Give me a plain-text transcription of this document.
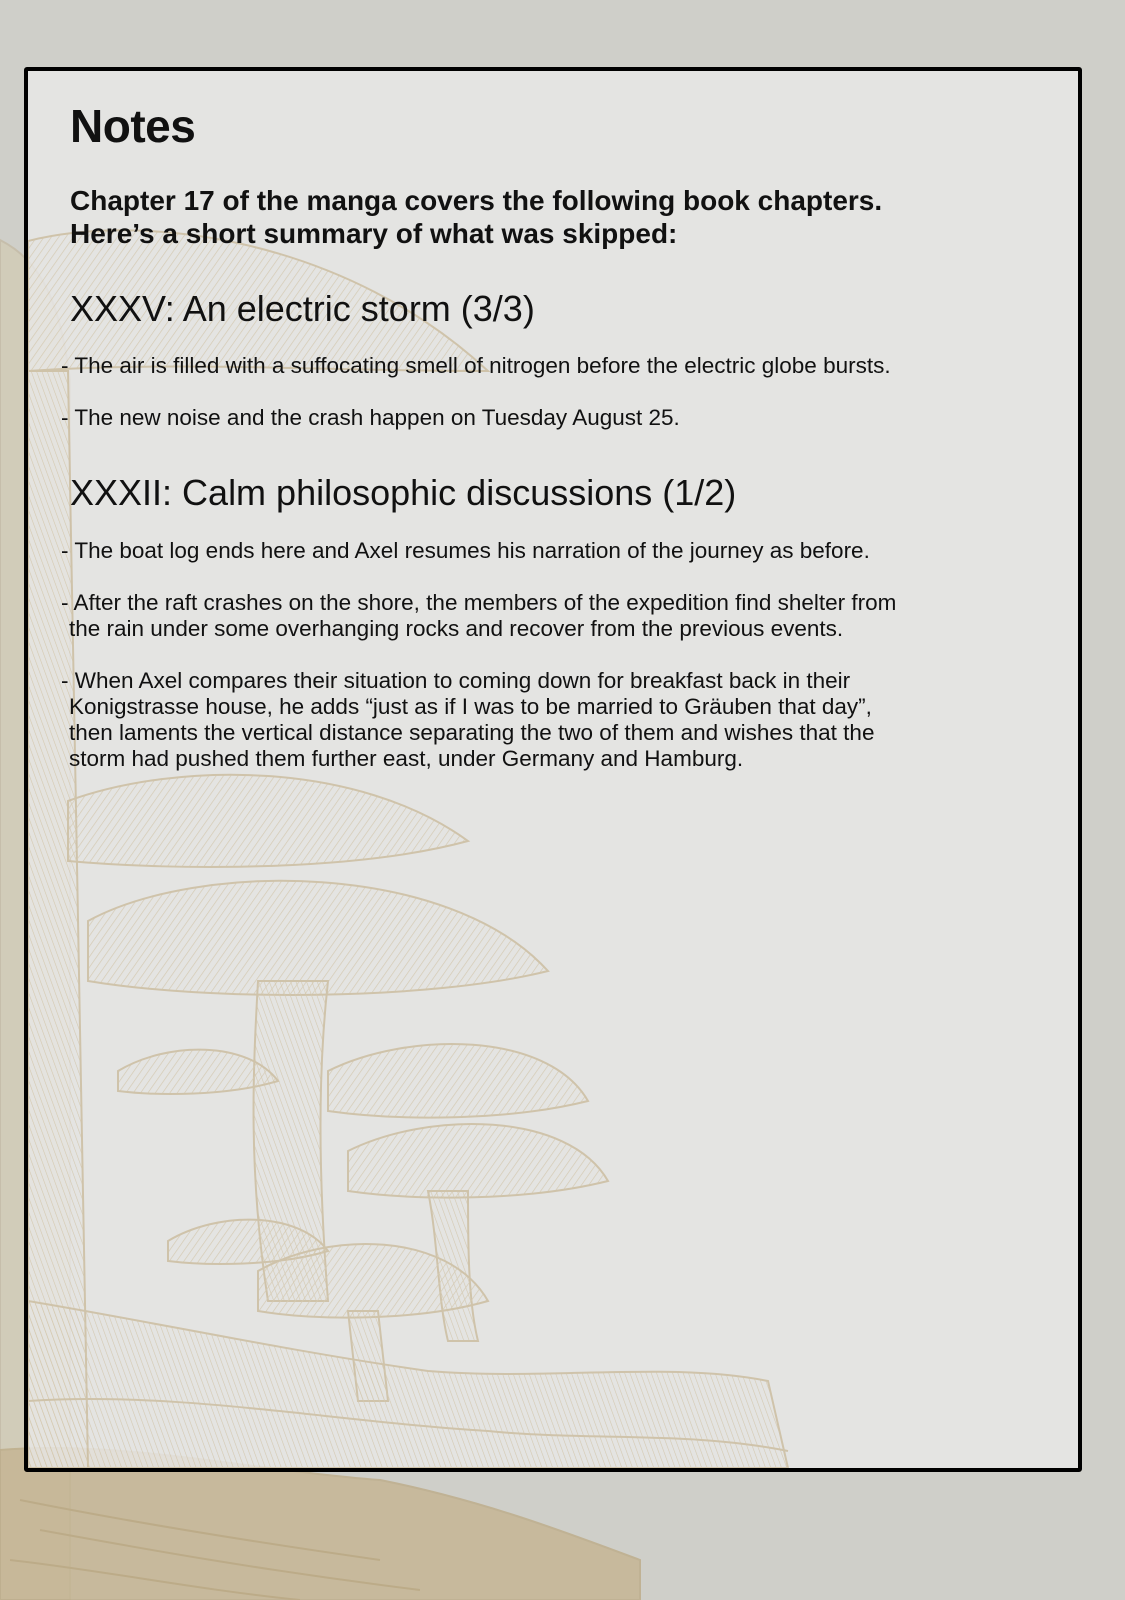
Notes

Chapter 17 of the manga covers the following book chapters.
Here’s a short summary of what was skipped:

XXXV: An electric storm (3/3)

- The air is filled with a suffocating smell of nitrogen before the electric globe bursts.

- The new noise and the crash happen on Tuesday August 25.

XXXII: Calm philosophic discussions (1/2)

- The boat log ends here and Axel resumes his narration of the journey as before.

- After the raft crashes on the shore, the members of the expedition find shelter from
the rain under some overhanging rocks and recover from the previous events.

- When Axel compares their situation to coming down for breakfast back in their
Konigstrasse house, he adds “just as if I was to be married to Gräuben that day”,
then laments the vertical distance separating the two of them and wishes that the
storm had pushed them further east, under Germany and Hamburg.
